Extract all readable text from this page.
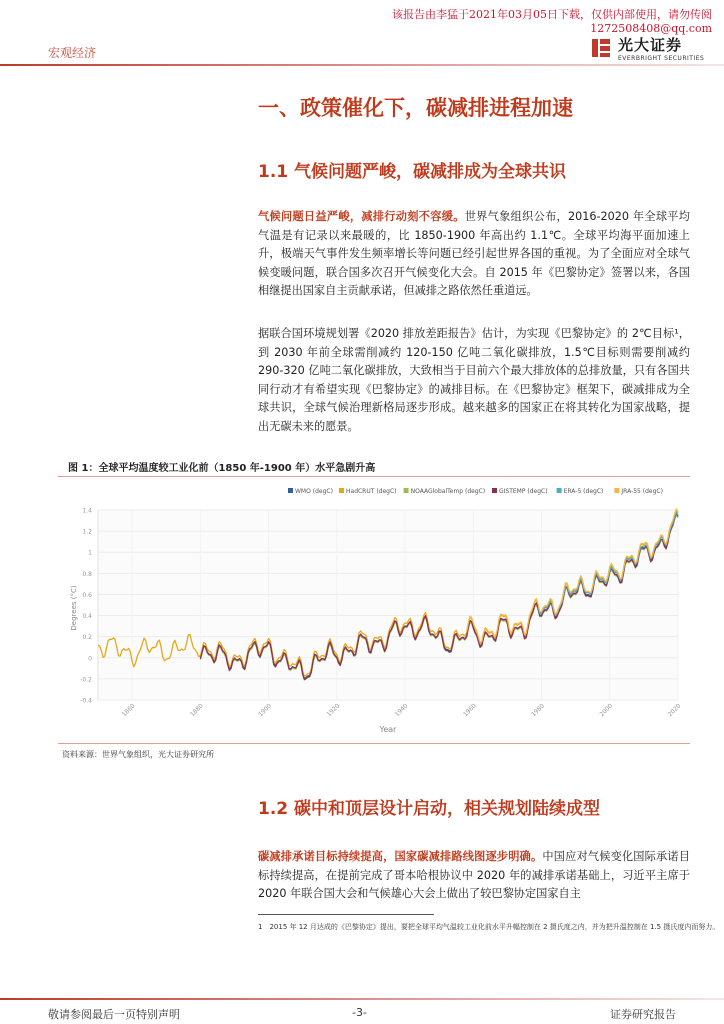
该报告由李猛于2021年03月05日下载，仅供内部使用，请勿传阅
1272508408@qq.com
宏观经济	光大证券
EVERBRIGHT SECURITIES
一、政策催化下，碳减排进程加速
1.1 气候问题严峻，碳减排成为全球共识
气候问题日益严峻，减排行动刻不容缓。世界气象组织公布，2016-2020 年全球平均气温是有记录以来最暖的，比 1850-1900 年高出约 1.1℃。全球平均海平面加速上升，极端天气事件发生频率增长等问题已经引起世界各国的重视。为了全面应对全球气候变暖问题，联合国多次召开气候变化大会。自 2015 年《巴黎协定》签署以来，各国相继提出国家自主贡献承诺，但减排之路依然任重道远。
据联合国环境规划署《2020 排放差距报告》估计，为实现《巴黎协定》的 2℃目标¹，到 2030 年前全球需削减约 120-150 亿吨二氧化碳排放，1.5℃目标则需要削减约 290-320 亿吨二氧化碳排放，大致相当于目前六个最大排放体的总排放量，只有各国共同行动才有希望实现《巴黎协定》的减排目标。在《巴黎协定》框架下，碳减排成为全球共识，全球气候治理新格局逐步形成。越来越多的国家正在将其转化为国家战略，提出无碳未来的愿景。
图 1：全球平均温度较工业化前（1850 年-1900 年）水平急剧升高
WMO (degC) HadCRUT (degC) NOAAGlobalTemp (degC) GISTEMP (degC)	ERA-5 (degC)	JRA-55 (degC)
-0.4
-0.2
0
0.2
0.4
0.6
0.8
1
1.2
1.4
1860	1880	1900	1920	1940	1960	1980	2000	2020
Degrees (°C)
Year
资料来源：世界气象组织，光大证券研究所
1.2 碳中和顶层设计启动，相关规划陆续成型
碳减排承诺目标持续提高，国家碳减排路线图逐步明确。中国应对气候变化国际承诺目标持续提高，在提前完成了哥本哈根协议中 2020 年的减排承诺基础上，习近平主席于 2020 年联合国大会和气候雄心大会上做出了较巴黎协定国家自主
1　2015 年 12 月达成的《巴黎协定》提出，要把全球平均气温较工业化前水平升幅控制在 2 摄氏度之内，并为把升温控制在 1.5 摄氏度内而努力。
敬请参阅最后一页特别声明	-3-	证券研究报告
